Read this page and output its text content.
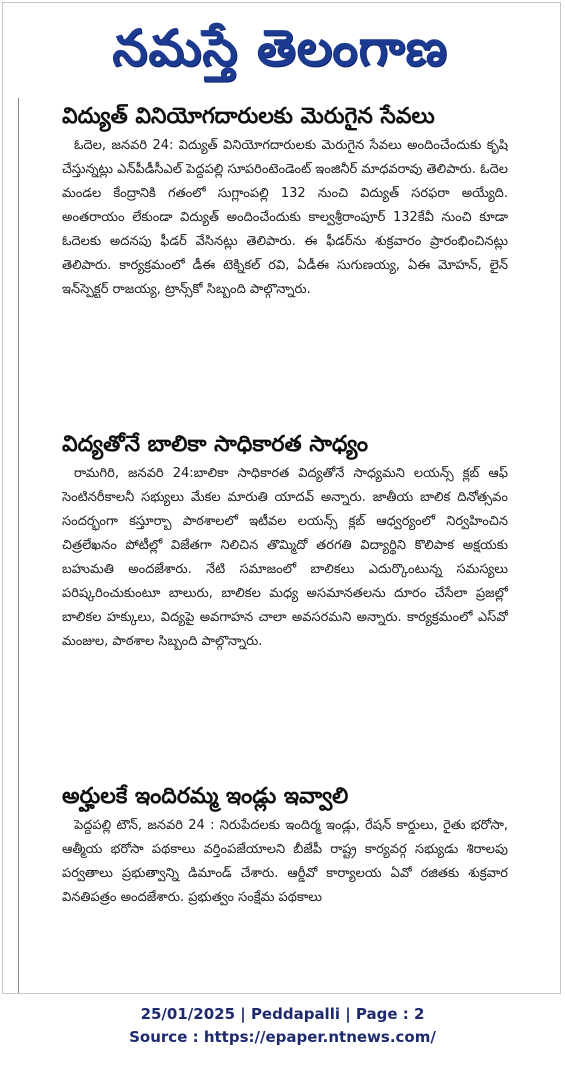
నమస్తే తెలంగాణ
విద్యుత్ వినియోగదారులకు మెరుగైన సేవలు

ఓదెల, జనవరి 24: విద్యుత్ వినియోగదారులకు మెరుగైన సేవలు అందించేందుకు కృషి చేస్తున్నట్లు ఎన్‌పీడీసీఎల్ పెద్దపల్లి సూపరింటెండెంట్ ఇంజినీర్ మాధవరావు తెలిపారు. ఓదెల మండల కేంద్రానికి గతంలో సుగ్లాంపల్లి 132 నుంచి విద్యుత్ సరఫరా అయ్యేది. అంతరాయం లేకుండా విద్యుత్ అందించేందుకు కాల్వశ్రీరాంపూర్ 132కేవీ నుంచి కూడా ఓదెలకు అదనపు ఫీడర్ వేసినట్లు తెలిపారు. ఈ ఫీడర్‌ను శుక్రవారం ప్రారంభించినట్లు తెలిపారు. కార్యక్రమంలో డీఈ టెక్నికల్ రవి, ఏడీఈ సుగుణయ్య, ఏఈ మోహన్, లైన్ ఇన్‌స్పెక్టర్ రాజయ్య, ట్రాన్స్‌కో సిబ్బంది పాల్గొన్నారు.

విద్యతోనే బాలికా సాధికారత సాధ్యం

రామగిరి, జనవరి 24:బాలికా సాధికారత విద్యతోనే సాధ్యమని లయన్స్ క్లబ్ ఆఫ్ సెంటినరీకాలనీ సభ్యులు మేకల మారుతి యాదవ్ అన్నారు. జాతీయ బాలిక దినోత్సవం సందర్భంగా కస్తూర్బా పాఠశాలలో ఇటీవల లయన్స్ క్లబ్ ఆధ్వర్యంలో నిర్వహించిన చిత్రలేఖనం పోటీల్లో విజేతగా నిలిచిన తొమ్మిదో తరగతి విద్యార్థిని కొలిపాక అక్షయకు బహుమతి అందజేశారు. నేటి సమాజంలో బాలికలు ఎదుర్కొంటున్న సమస్యలు పరిష్కరించుకుంటూ బాలురు, బాలికల మధ్య అసమానతలను దూరం చేసేలా ప్రజల్లో బాలికల హక్కులు, విద్యపై అవగాహన చాలా అవసరమని అన్నారు. కార్యక్రమంలో ఎస్‌వో మంజుల, పాఠశాల సిబ్బంది పాల్గొన్నారు.

అర్హులకే ఇందిరమ్మ ఇండ్లు ఇవ్వాలి

పెద్దపల్లి టౌన్, జనవరి 24 : నిరుపేదలకు ఇందిర్మ ఇండ్లు, రేషన్ కార్డులు, రైతు భరోసా, ఆత్మీయ భరోసా పథకాలు వర్తింపజేయాలని బీజేపీ రాష్ట్ర కార్యవర్గ సభ్యుడు శిరాలపు పర్వతాలు ప్రభుత్వాన్ని డిమాండ్ చేశారు. ఆర్డీవో కార్యాలయ ఏవో రజితకు శుక్రవార వినతిపత్రం అందజేశారు. ప్రభుత్వం సంక్షేమ పథకాలు

25/01/2025 | Peddapalli | Page : 2
Source : https://epaper.ntnews.com/
